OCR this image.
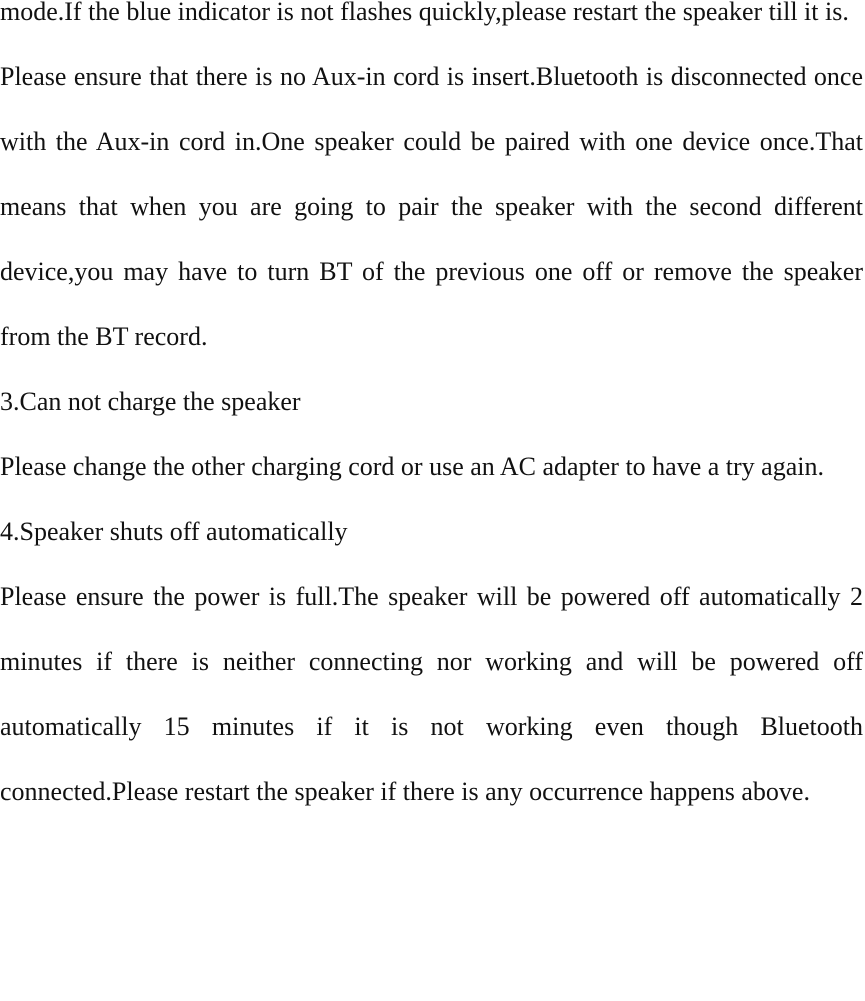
mode.If the blue indicator is not flashes quickly,please restart the speaker till it is.

Please ensure that there is no Aux-in cord is insert.Bluetooth is disconnected once with the Aux-in cord in.One speaker could be paired with one device once.That means that when you are going to pair the speaker with the second different device,you may have to turn BT of the previous one off or remove the speaker from the BT record.

3.Can not charge the speaker

Please change the other charging cord or use an AC adapter to have a try again.

4.Speaker shuts off automatically

Please ensure the power is full.The speaker will be powered off automatically 2 minutes if there is neither connecting nor working and will be powered off automatically 15 minutes if it is not working even though Bluetooth connected.Please restart the speaker if there is any occurrence happens above.
